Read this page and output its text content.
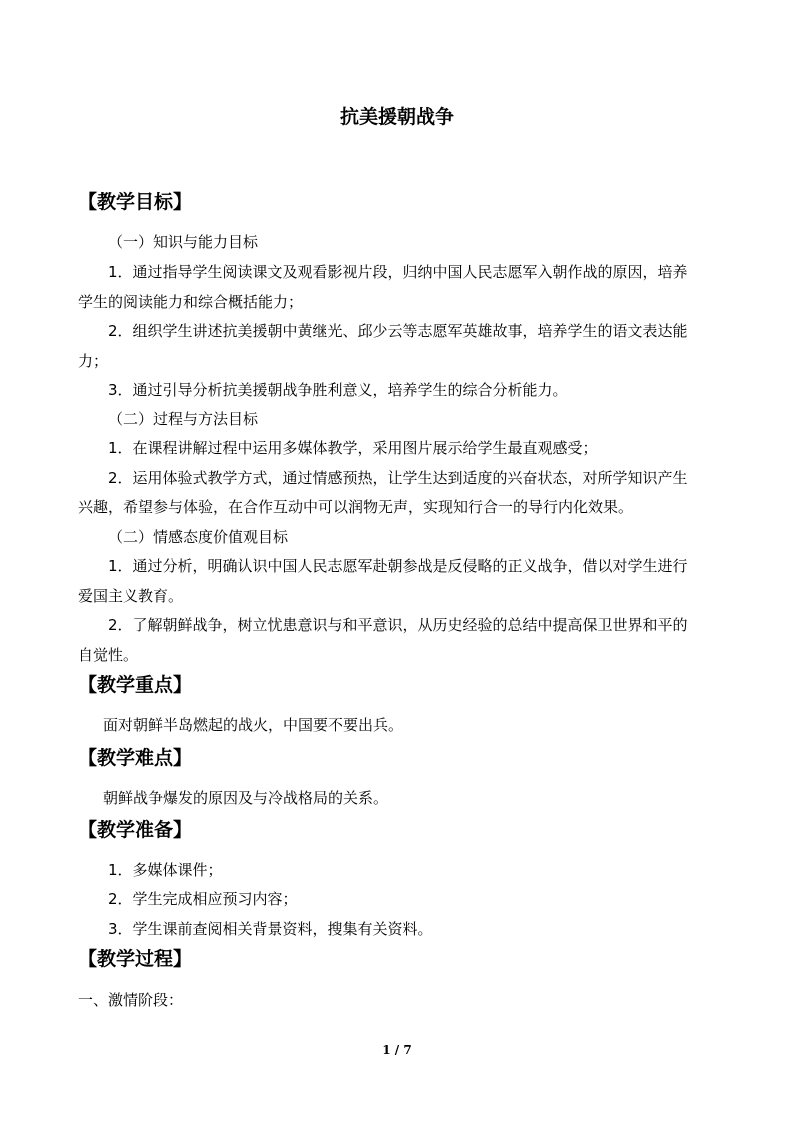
抗美援朝战争
【教学目标】
（一）知识与能力目标
1．通过指导学生阅读课文及观看影视片段，归纳中国人民志愿军入朝作战的原因，培养
学生的阅读能力和综合概括能力；
2．组织学生讲述抗美援朝中黄继光、邱少云等志愿军英雄故事，培养学生的语文表达能
力；
3．通过引导分析抗美援朝战争胜利意义，培养学生的综合分析能力。
（二）过程与方法目标
1．在课程讲解过程中运用多媒体教学，采用图片展示给学生最直观感受；
2．运用体验式教学方式，通过情感预热，让学生达到适度的兴奋状态，对所学知识产生
兴趣，希望参与体验，在合作互动中可以润物无声，实现知行合一的导行内化效果。
（二）情感态度价值观目标
1．通过分析，明确认识中国人民志愿军赴朝参战是反侵略的正义战争，借以对学生进行
爱国主义教育。
2．了解朝鲜战争，树立忧患意识与和平意识，从历史经验的总结中提高保卫世界和平的
自觉性。
【教学重点】
面对朝鲜半岛燃起的战火，中国要不要出兵。
【教学难点】
朝鲜战争爆发的原因及与冷战格局的关系。
【教学准备】
1．多媒体课件；
2．学生完成相应预习内容；
3．学生课前查阅相关背景资料，搜集有关资料。
【教学过程】
一、激情阶段：
1 / 7
